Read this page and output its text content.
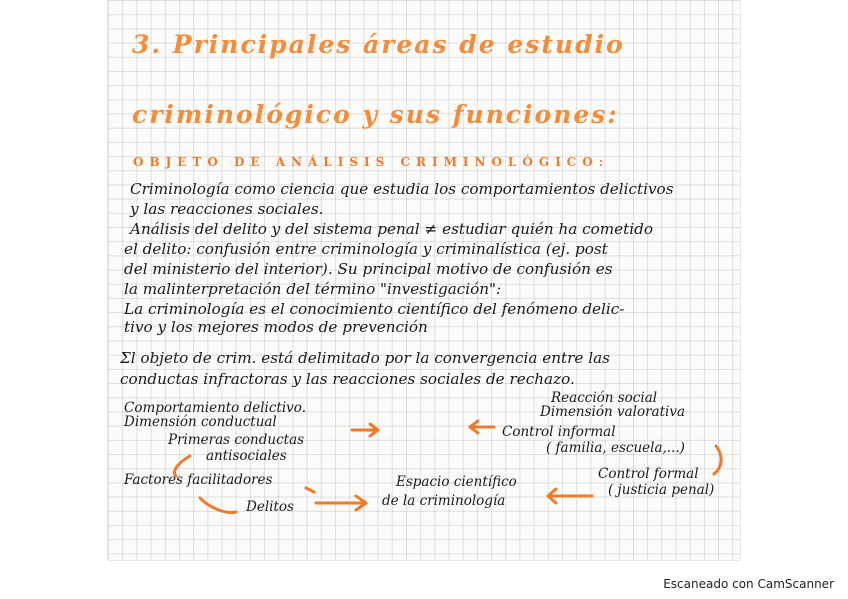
3. Principales áreas de estudio
criminológico y sus funciones:
OBJETO DE ANÁLISIS CRIMINOLÓGICO:
Criminología como ciencia que estudia los comportamientos delictivos
y las reacciones sociales.
Análisis del delito y del sistema penal ≠ estudiar quién ha cometido
el delito: confusión entre criminología y criminalística (ej. post
del ministerio del interior). Su principal motivo de confusión es
la malinterpretación del término "investigación":
La criminología es el conocimiento científico del fenómeno delic-
tivo y los mejores modos de prevención
Σl objeto de crim. está delimitado por la convergencia entre las
conductas infractoras y las reacciones sociales de rechazo.
Comportamiento delictivo.
Dimensión conductual
Primeras conductas
antisociales
Factores facilitadores
Delitos
Espacio científico
de la criminología
Reacción social
Dimensión valorativa
Control informal
( familia, escuela,...)
Control formal
( justicia penal)
Escaneado con CamScanner
